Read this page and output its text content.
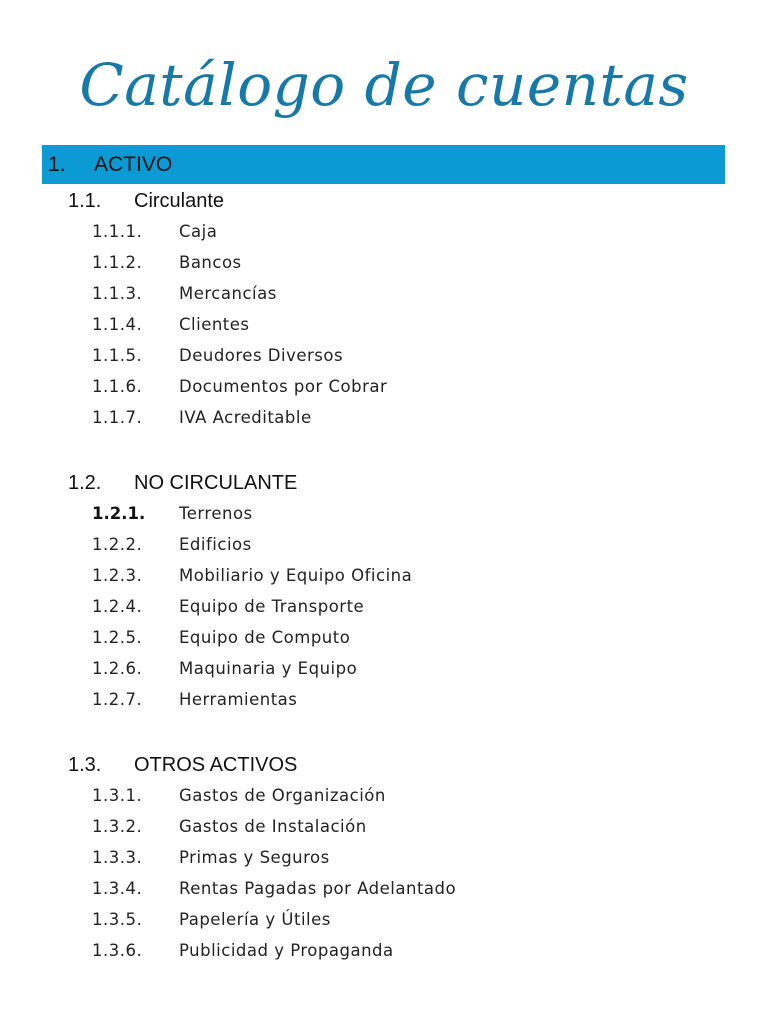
Catálogo de cuentas
1.	ACTIVO
1.1.	Circulante
1.1.1.	Caja
1.1.2.	Bancos
1.1.3.	Mercancías
1.1.4.	Clientes
1.1.5.	Deudores Diversos
1.1.6.	Documentos por Cobrar
1.1.7.	IVA Acreditable
1.2.	NO CIRCULANTE
1.2.1.	Terrenos
1.2.2.	Edificios
1.2.3.	Mobiliario y Equipo Oficina
1.2.4.	Equipo de Transporte
1.2.5.	Equipo de Computo
1.2.6.	Maquinaria y Equipo
1.2.7.	Herramientas
1.3.	OTROS ACTIVOS
1.3.1.	Gastos de Organización
1.3.2.	Gastos de Instalación
1.3.3.	Primas y Seguros
1.3.4.	Rentas Pagadas por Adelantado
1.3.5.	Papelería y Útiles
1.3.6.	Publicidad y Propaganda
